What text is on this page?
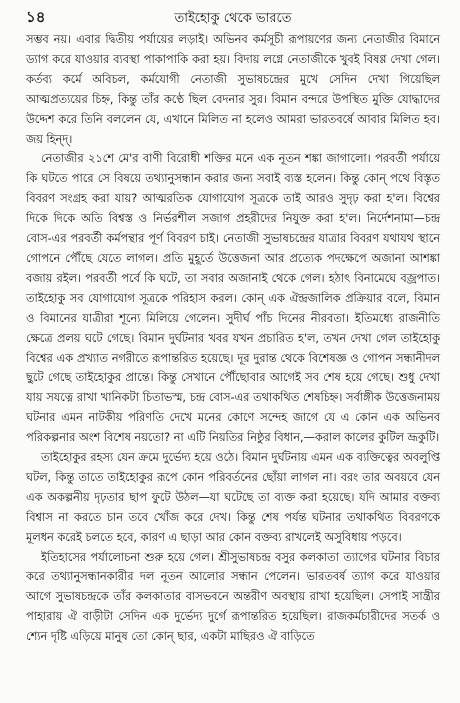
১৪	তাইহোকু থেকে ভারতে

সম্ভব নয়। এবার দ্বিতীয় পর্যায়ের লড়াই। অভিনব কর্মসূচী রূপায়ণের জন্য নেতাজীর বিমানে ড্যাগ করে যাওয়ার ব্যবস্থা পাকাপাকি করা হয়। বিদায় লগ্নে নেতাজীকে খুবই বিষণ্ণ দেখা গেল। কর্তব্য কর্মে অবিচল, কর্মযোগী নেতাজী সুভাষচন্দ্রের মুখে সেদিন দেখা গিয়েছিল আত্মপ্রত্যয়ের চিহ্ন, কিন্তু তাঁর কণ্ঠে ছিল বেদনার সুর। বিমান বন্দরে উপস্থিত মুক্তি যোদ্ধাদের উদ্দেশ করে তিনি বললেন যে, এখানে মিলিত না হলেও আমরা ভারতবর্ষে আবার মিলিত হব। জয় হিন্দ্।

নেতাজীর ২১শে মে'র বাণী বিরোধী শক্তির মনে এক নূতন শঙ্কা জাগালো। পরবর্তী পর্যায়ে কি ঘটতে পারে সে বিষয়ে তথ্যানুসন্ধান করার জন্য সবাই ব্যস্ত হলেন। কিন্তু কোন্ পথে বিস্তৃত বিবরণ সংগ্রহ করা যায়? আত্মরতিক যোগাযোগ সূত্রকে তাই আরও সুদৃঢ় করা হ'ল। বিশ্বের দিকে দিকে অতি বিশ্বস্ত ও নির্ভরশীল সজাগ প্রহরীদের নিযুক্ত করা হ'ল। নির্দেশনামা—চন্দ্র বোস-এর পরবর্তী কর্মপন্থার পূর্ণ বিবরণ চাই। নেতাজী সুভাষচন্দ্রের যাত্রার বিবরণ যথাযথ স্থানে গোপনে পৌঁছে যেতে লাগল। প্রতি মুহূর্তে উত্তেজনা আর প্রত্যেক পদক্ষেপে অজানা আশঙ্কা বজায় রইল। পরবর্তী পর্বে কি ঘটে, তা সবার অজানাই থেকে গেল। হঠাৎ বিনামেঘে বজ্রপাত। তাইহোকু সব যোগাযোগ সূত্রকে পরিহাস করল। কোন্ এক ঐন্দ্রজালিক প্রক্রিয়ার বলে, বিমান ও বিমানের যাত্রীরা শূন্যে মিলিয়ে গেলেন। সুদীর্ঘ পাঁচ দিনের নীরবতা। ইতিমধ্যে রাজনীতি ক্ষেত্রে প্রলয় ঘটে গেছে। বিমান দুর্ঘটনার খবর যখন প্রচারিত হ'ল, তখন দেখা গেল তাইহোকু বিশ্বের এক প্রখ্যাত নগরীতে রূপান্তরিত হয়েছে। দূর দুরান্ত থেকে বিশেষজ্ঞ ও গোপন সন্ধানীদল ছুটে গেছে তাইহোকুর প্রান্তে। কিন্তু সেখানে পৌঁছোবার আগেই সব শেষ হয়ে গেছে। শুধু দেখা যায় সযত্নে রাখা খানিকটা চিতাভস্ম, চন্দ্র বোস-এর তথাকথিত শেষচিহ্ন। সর্বাঙ্গীক উত্তেজনাময় ঘটনার এমন নাটকীয় পরিণতি দেখে মনের কোণে সন্দেহ জাগে যে এ কোন এক অভিনব পরিকল্পনার অংশ বিশেষ নয়তো? না এটি নিয়তির নিষ্ঠুর বিধান,—করাল কালের কুটিল ভ্রূকুটি।

তাইহোকুর রহস্য যেন ক্রমে দুর্ভেদ্য হয়ে ওঠে। বিমান দুর্ঘটনায় এমন এক ব্যক্তিত্বের অবলুপ্তি ঘটল, কিন্তু তাতে তাইহোকুর রূপে কোন পরিবর্তনের ছোঁয়া লাগল না। বরং তার অবয়বে যেন এক অকল্পনীয় দৃঢ়তার ছাপ ফুটে উঠল—যা ঘটেছে তা ব্যক্ত করা হয়েছে। যদি আমার বক্তব্য বিশ্বাস না করতে চান তবে খোঁজ করে দেখ। কিন্তু শেষ পর্যন্ত ঘটনার তথাকথিত বিবরণকে মূলধন করেই চলতে হবে, কারণ এ ছাড়া আর কোন বক্তব্য রাখলেই অসুবিধায় পড়বে।

ইতিহাসের পর্যালোচনা শুরু হয়ে গেল। শ্রীসুভাষচন্দ্র বসুর কলকাতা ত্যাগের ঘটনার বিচার করে তথ্যানুসন্ধানকারীর দল নূতন আলোর সন্ধান পেলেন। ভারতবর্ষ ত্যাগ করে যাওয়ার আগে সুভাষচন্দ্রকে তাঁর কলকাতার বাসভবনে অন্তরীণ অবস্থায় রাখা হয়েছিল। সেপাই সান্ত্রীর পাহারায় ঐ বাড়ীটা সেদিন এক দুর্ভেদ্য দুর্গে রূপান্তরিত হয়েছিল। রাজকর্মচারীদের সতর্ক ও শ্যেন দৃষ্টি এড়িয়ে মানুষ তো কোন্ ছার, একটা মাছিরও ঐ বাড়িতে
